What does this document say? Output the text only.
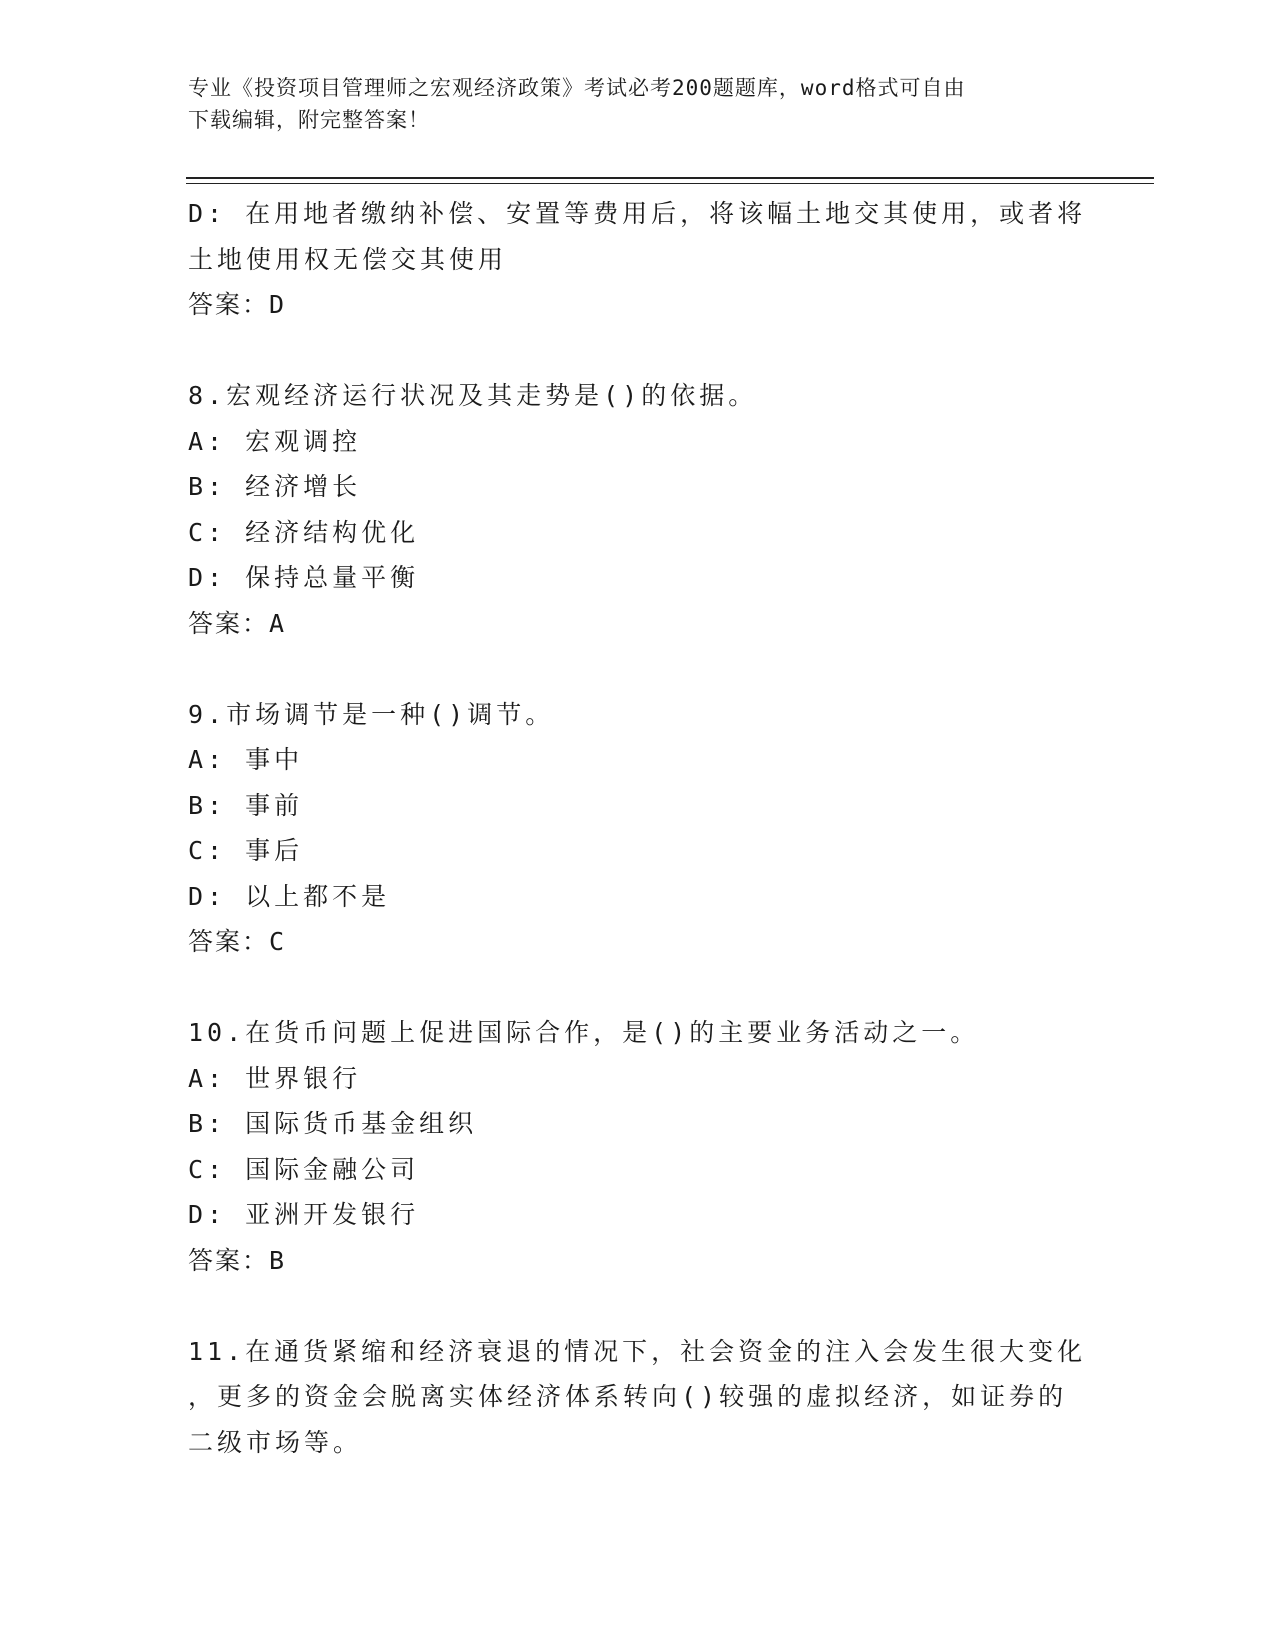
专业《投资项目管理师之宏观经济政策》考试必考200题题库，word格式可自由
下载编辑，附完整答案！
D: 在用地者缴纳补偿、安置等费用后，将该幅土地交其使用，或者将
土地使用权无偿交其使用
答案：D
8.宏观经济运行状况及其走势是()的依据。
A: 宏观调控
B: 经济增长
C: 经济结构优化
D: 保持总量平衡
答案：A
9.市场调节是一种()调节。
A: 事中
B: 事前
C: 事后
D: 以上都不是
答案：C
10.在货币问题上促进国际合作，是()的主要业务活动之一。
A: 世界银行
B: 国际货币基金组织
C: 国际金融公司
D: 亚洲开发银行
答案：B
11.在通货紧缩和经济衰退的情况下，社会资金的注入会发生很大变化
，更多的资金会脱离实体经济体系转向()较强的虚拟经济，如证券的
二级市场等。
